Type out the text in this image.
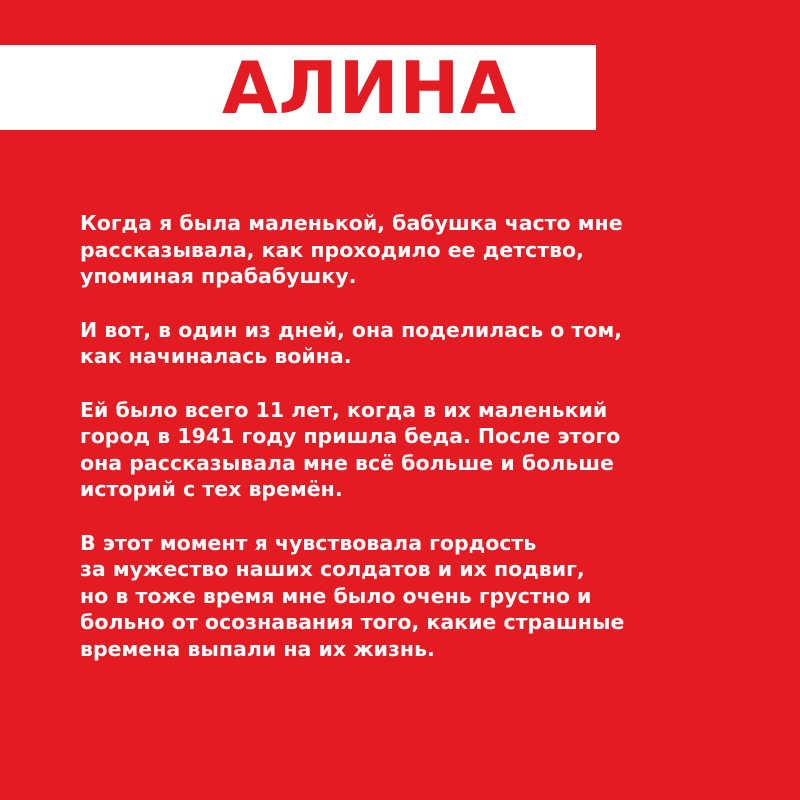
АЛИНА

Когда я была маленькой, бабушка часто мне
рассказывала, как проходило ее детство,
упоминая прабабушку.

И вот, в один из дней, она поделилась о том,
как начиналась война.

Ей было всего 11 лет, когда в их маленький
город в 1941 году пришла беда. После этого
она рассказывала мне всё больше и больше
историй с тех времён.

В этот момент я чувствовала гордость
за мужество наших солдатов и их подвиг,
но в тоже время мне было очень грустно и
больно от осознавания того, какие страшные
времена выпали на их жизнь.
